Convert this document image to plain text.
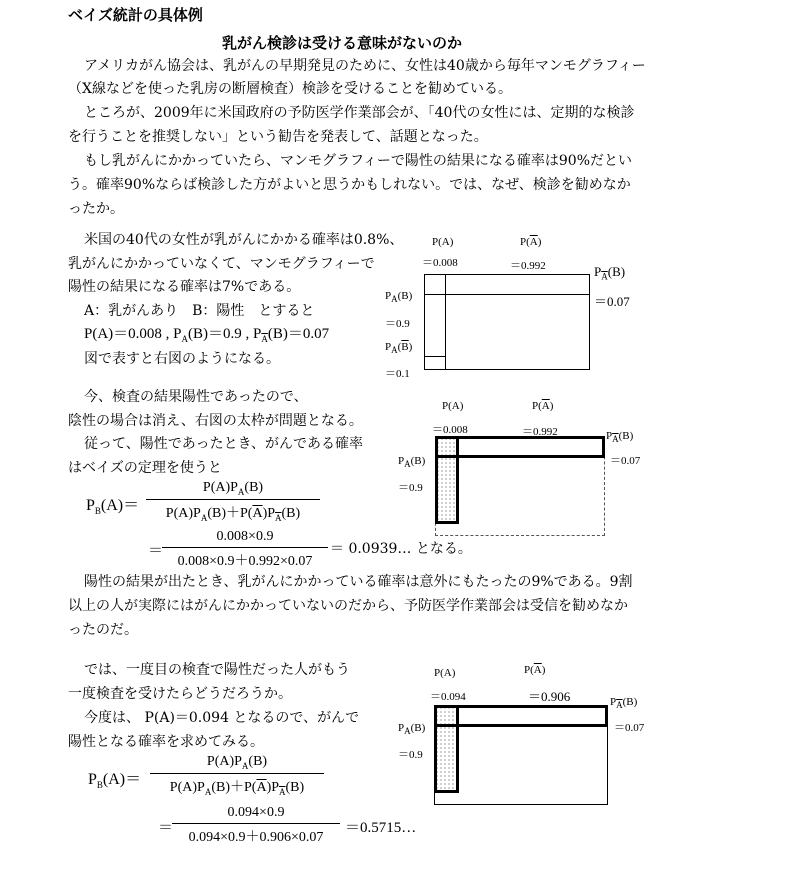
ベイズ統計の具体例
乳がん検診は受ける意味がないのか
アメリカがん協会は、乳がんの早期発見のために、女性は40歳から毎年マンモグラフィー
（X線などを使った乳房の断層検査）検診を受けることを勧めている。
ところが、2009年に米国政府の予防医学作業部会が、「40代の女性には、定期的な検診
を行うことを推奨しない」という勧告を発表して、話題となった。
もし乳がんにかかっていたら、マンモグラフィーで陽性の結果になる確率は90%だとい
う。確率90%ならば検診した方がよいと思うかもしれない。では、なぜ、検診を勧めなか
ったか。
米国の40代の女性が乳がんにかかる確率は0.8%、
乳がんにかかっていなくて、マンモグラフィーで
陽性の結果になる確率は7%である。
A：乳がんあり　B：陽性　とすると
P(A)＝0.008 , $P_A(B)=0.9$ , $P_{\overline{A}}(B)=0.07$
図で表すと右図のようになる。
P(A)
＝0.008
$P(\overline{A})$
＝0.992	$P_{\overline{A}}(B)$
＝0.07
$P_A(B)$
＝0.9
$P_A(\overline{B})$
＝0.1
今、検査の結果陽性であったので、
陰性の場合は消え、右図の太枠が問題となる。
従って、陽性であったとき、がんである確率
はベイズの定理を使うと
$P_B(A)=$
$P(A)P_A(B)$
$P(A)P_A(B)+P(\overline{A})P_{\overline{A}}(B)$
＝
0.008×0.9
0.008×0.9＋0.992×0.07
＝ 0.0939… となる。
P(A)
＝0.008
$P(\overline{A})$
＝0.992	$P_{\overline{A}}(B)$
＝0.07
$P_A(B)$
＝0.9
陽性の結果が出たとき、乳がんにかかっている確率は意外にもたったの9%である。9割
以上の人が実際にはがんにかかっていないのだから、予防医学作業部会は受信を勧めなか
ったのだ。
では、一度目の検査で陽性だった人がもう
一度検査を受けたらどうだろうか。
今度は、 P(A)＝0.094 となるので、がんで
陽性となる確率を求めてみる。
$P_B(A)=$
$P(A)P_A(B)$
$P(A)P_A(B)+P(\overline{A})P_{\overline{A}}(B)$
＝
0.094×0.9
0.094×0.9＋0.906×0.07
＝0.5715…
P(A)
＝0.094
$P(\overline{A})$
＝0.906	$P_{\overline{A}}(B)$
＝0.07
$P_A(B)$
＝0.9
